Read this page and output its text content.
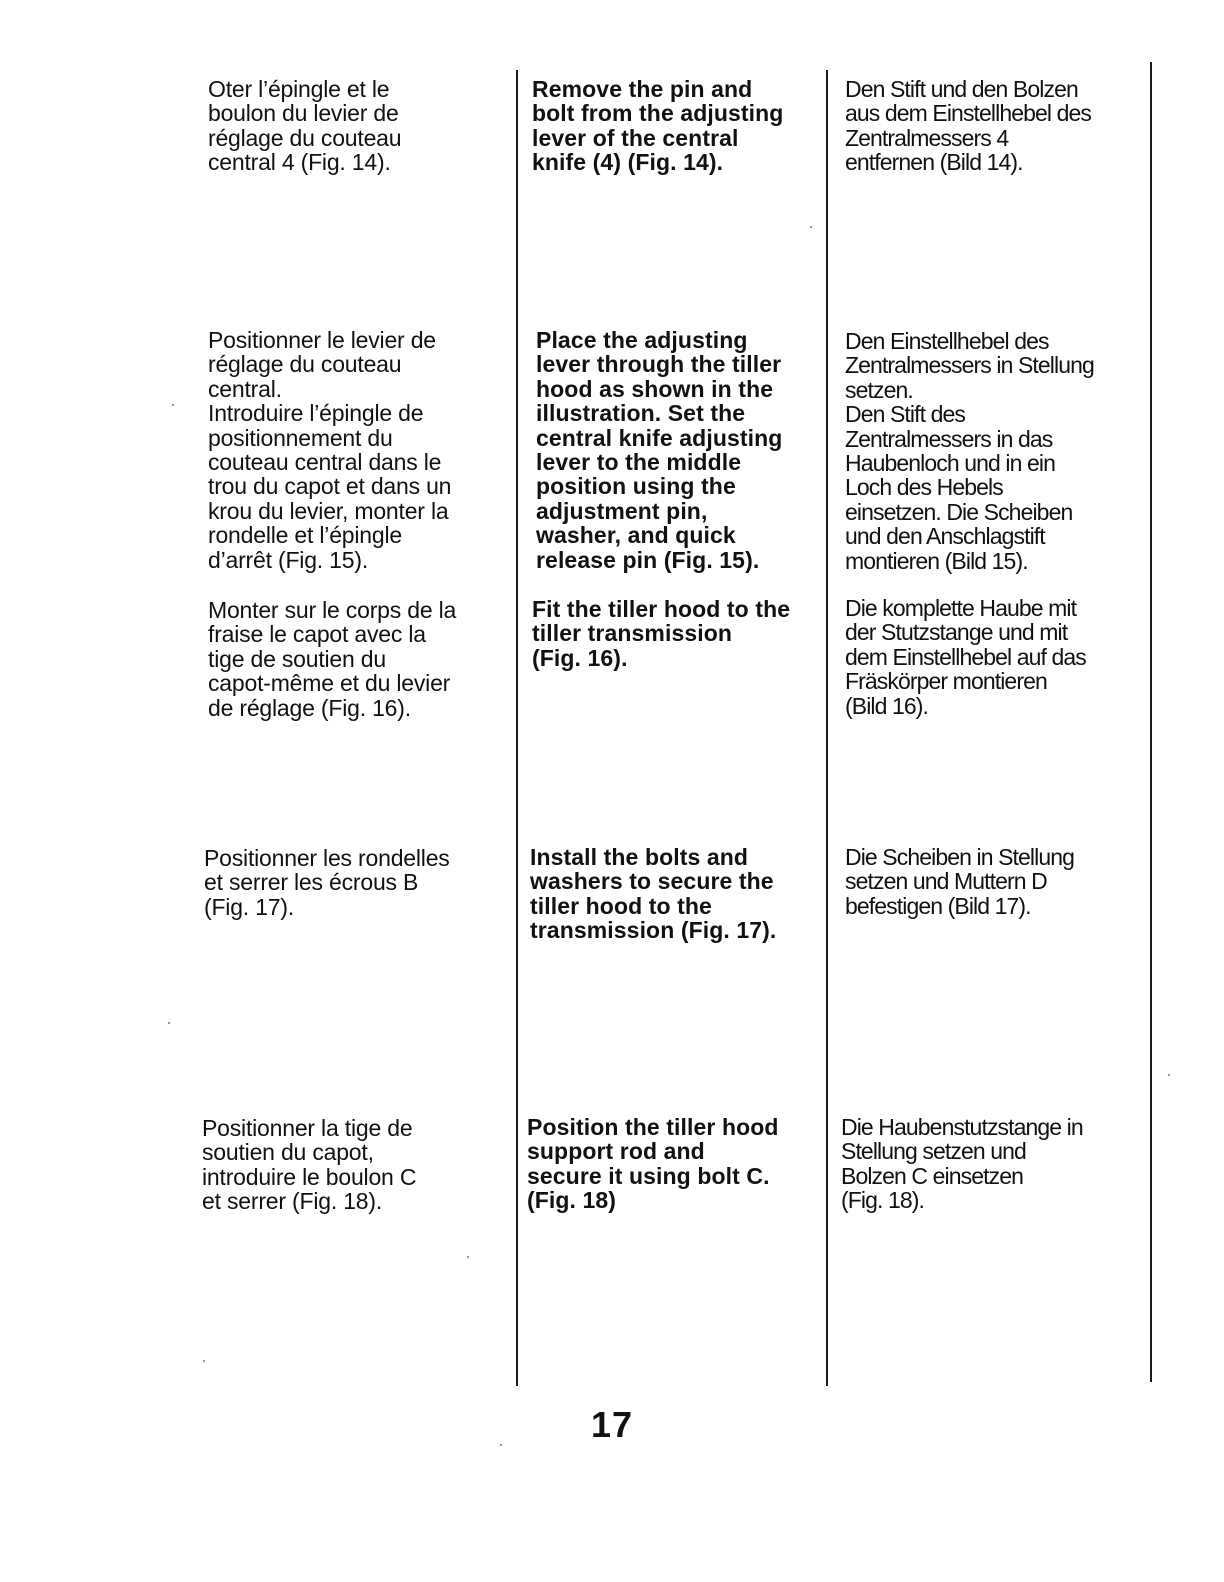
Oter l’épingle et le
boulon du levier de
réglage du couteau
central 4 (Fig. 14).
Remove the pin and
bolt from the adjusting
lever of the central
knife (4) (Fig. 14).
Den Stift und den Bolzen
aus dem Einstellhebel des
Zentralmessers 4
entfernen (Bild 14).
Positionner le levier de
réglage du couteau
central.
Introduire l’épingle de
positionnement du
couteau central dans le
trou du capot et dans un
krou du levier, monter la
rondelle et l’épingle
d’arrêt (Fig. 15).
Place the adjusting
lever through the tiller
hood as shown in the
illustration. Set the
central knife adjusting
lever to the middle
position using the
adjustment pin,
washer, and quick
release pin (Fig. 15).
Den Einstellhebel des
Zentralmessers in Stellung
setzen.
Den Stift des
Zentralmessers in das
Haubenloch und in ein
Loch des Hebels
einsetzen. Die Scheiben
und den Anschlagstift
montieren (Bild 15).
Monter sur le corps de la
fraise le capot avec la
tige de soutien du
capot-même et du levier
de réglage (Fig. 16).
Fit the tiller hood to the
tiller transmission
(Fig. 16).
Die komplette Haube mit
der Stutzstange und mit
dem Einstellhebel auf das
Fräskörper montieren
(Bild 16).
Positionner les rondelles
et serrer les écrous B
(Fig. 17).
Install the bolts and
washers to secure the
tiller hood to the
transmission (Fig. 17).
Die Scheiben in Stellung
setzen und Muttern D
befestigen (Bild 17).
Positionner la tige de
soutien du capot,
introduire le boulon C
et serrer (Fig. 18).
Position the tiller hood
support rod and
secure it using bolt C.
(Fig. 18)
Die Haubenstutzstange in
Stellung setzen und
Bolzen C einsetzen
(Fig. 18).
17
